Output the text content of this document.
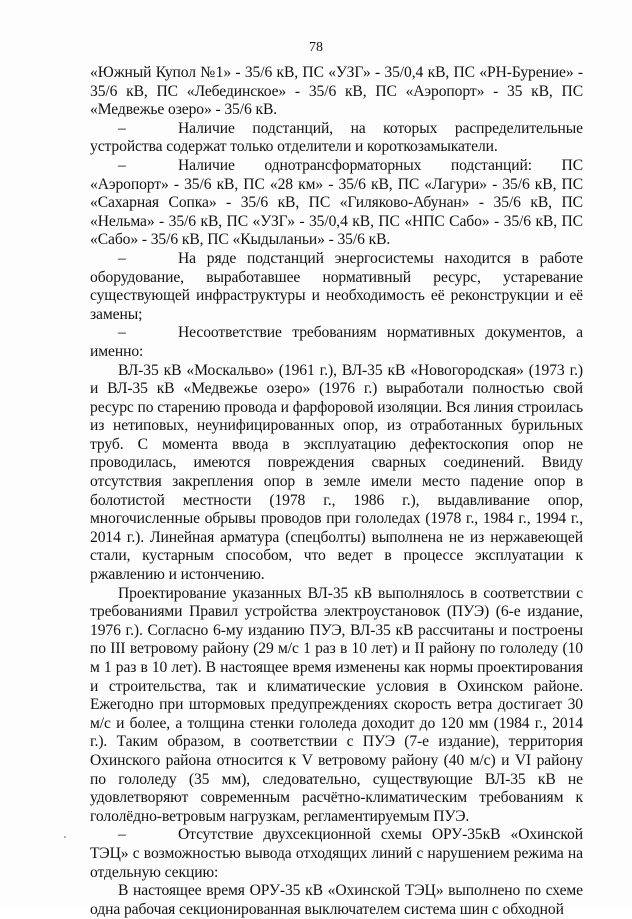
78

«Южный Купол №1» - 35/6 кВ, ПС «УЗГ» - 35/0,4 кВ, ПС «РН-Бурение» - 35/6 кВ, ПС «Лебединское» - 35/6 кВ, ПС «Аэропорт» - 35 кВ, ПС «Медвежье озеро» - 35/6 кВ.

–	Наличие подстанций, на которых распределительные устройства содержат только отделители и короткозамыкатели.

–	Наличие однотрансформаторных подстанций: ПС «Аэропорт» - 35/6 кВ, ПС «28 км» - 35/6 кВ, ПС «Лагури» - 35/6 кВ, ПС «Сахарная Сопка» - 35/6 кВ, ПС «Гиляково-Абунан» - 35/6 кВ, ПС «Нельма» - 35/6 кВ, ПС «УЗГ» - 35/0,4 кВ, ПС «НПС Сабо» - 35/6 кВ, ПС «Сабо» - 35/6 кВ, ПС «Кыдыланьи» - 35/6 кВ.

–	На ряде подстанций энергосистемы находится в работе оборудование, выработавшее нормативный ресурс, устаревание существующей инфраструктуры и необходимость её реконструкции и её замены;

–	Несоответствие требованиям нормативных документов, а именно:

ВЛ-35 кВ «Москальво» (1961 г.), ВЛ-35 кВ «Новогородская» (1973 г.) и ВЛ-35 кВ «Медвежье озеро» (1976 г.) выработали полностью свой ресурс по старению провода и фарфоровой изоляции. Вся линия строилась из нетиповых, неунифицированных опор, из отработанных бурильных труб. С момента ввода в эксплуатацию дефектоскопия опор не проводилась, имеются повреждения сварных соединений. Ввиду отсутствия закрепления опор в земле имели место падение опор в болотистой местности (1978 г., 1986 г.), выдавливание опор, многочисленные обрывы проводов при гололедах (1978 г., 1984 г., 1994 г., 2014 г.). Линейная арматура (спецболты) выполнена не из нержавеющей стали, кустарным способом, что ведет в процессе эксплуатации к ржавлению и истончению.

Проектирование указанных ВЛ-35 кВ выполнялось в соответствии с требованиями Правил устройства электроустановок (ПУЭ) (6-е издание, 1976 г.). Согласно 6-му изданию ПУЭ, ВЛ-35 кВ рассчитаны и построены по III ветровому району (29 м/с 1 раз в 10 лет) и II району по гололеду (10 м 1 раз в 10 лет). В настоящее время изменены как нормы проектирования и строительства, так и климатические условия в Охинском районе. Ежегодно при штормовых предупреждениях скорость ветра достигает 30 м/с и более, а толщина стенки гололеда доходит до 120 мм (1984 г., 2014 г.). Таким образом, в соответствии с ПУЭ (7-е издание), территория Охинского района относится к V ветровому району (40 м/с) и VI району по гололеду (35 мм), следовательно, существующие ВЛ-35 кВ не удовлетворяют современным расчётно-климатическим требованиям к гололёдно-ветровым нагрузкам, регламентируемым ПУЭ.

–	Отсутствие двухсекционной схемы ОРУ-35кВ «Охинской ТЭЦ» с возможностью вывода отходящих линий с нарушением режима на отдельную секцию:

В настоящее время ОРУ-35 кВ «Охинской ТЭЦ» выполнено по схеме одна рабочая секционированная выключателем система шин с обходной
